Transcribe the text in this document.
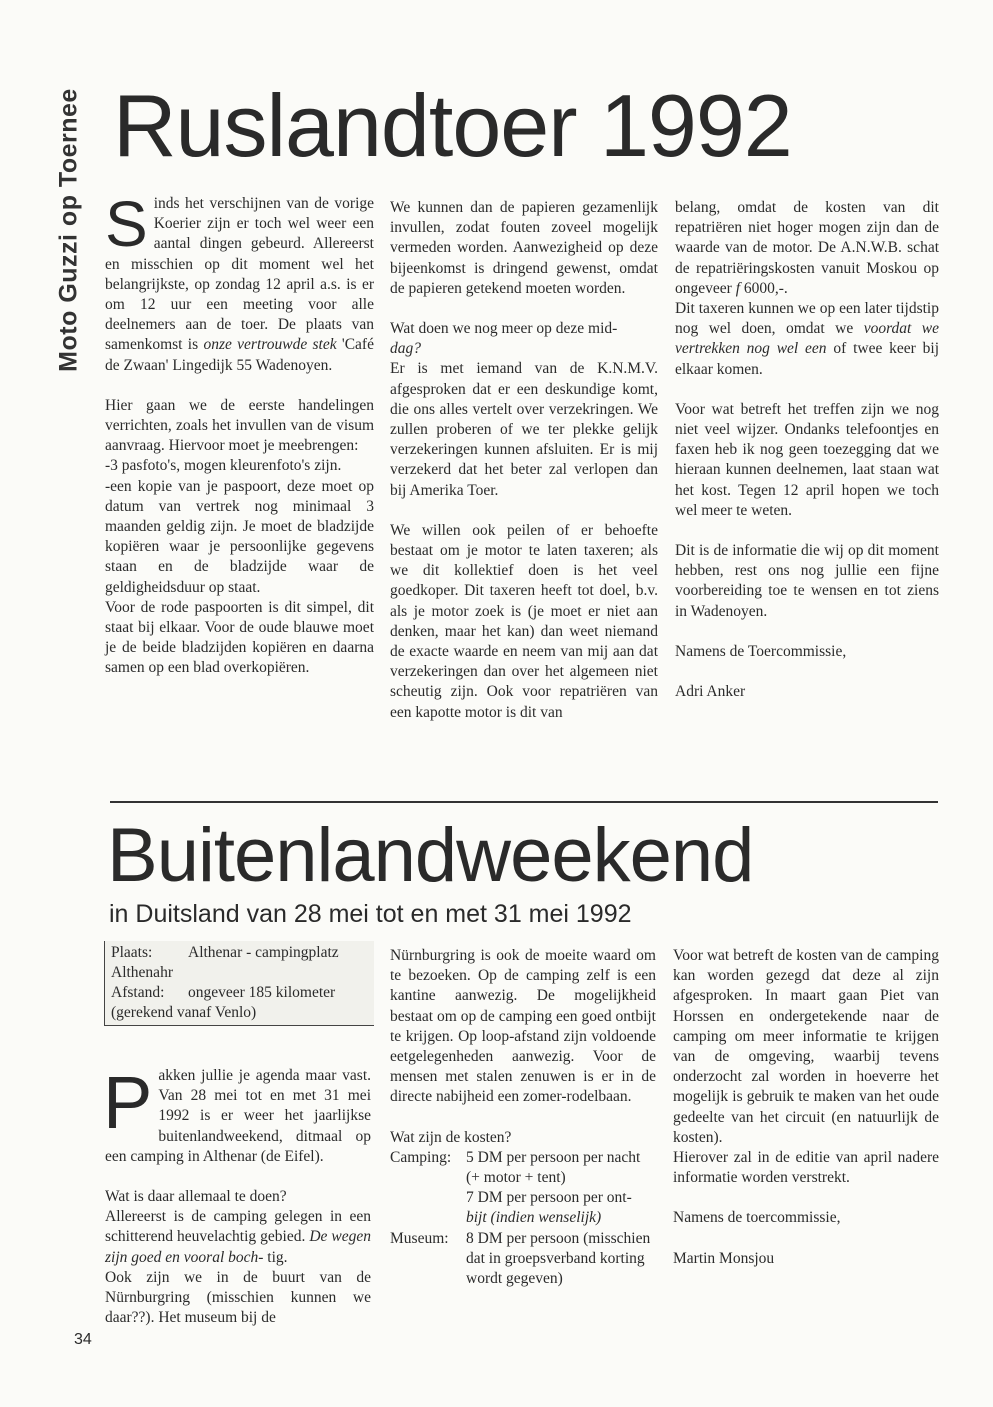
Moto Guzzi op Toernee Ruslandtoer 1992

Sinds het verschijnen van de vorige Koerier zijn er toch wel weer een aantal dingen gebeurd. Allereerst en misschien op dit moment wel het belangrijkste, op zondag 12 april a.s. is er om 12 uur een meeting voor alle deelnemers aan de toer. De plaats van samenkomst is onze vertrouwde stek 'Café de Zwaan' Lingedijk 55 Wadenoyen.

Hier gaan we de eerste handelingen verrichten, zoals het invullen van de visum aanvraag. Hiervoor moet je meebrengen:

-3 pasfoto's, mogen kleurenfoto's zijn.

-een kopie van je paspoort, deze moet op datum van vertrek nog minimaal 3 maanden geldig zijn. Je moet de bladzijde kopiëren waar je persoonlijke gegevens staan en de bladzijde waar de geldigheidsduur op staat.

Voor de rode paspoorten is dit simpel, dit staat bij elkaar. Voor de oude blauwe moet je de beide bladzijden kopiëren en daarna samen op een blad overkopiëren.

We kunnen dan de papieren gezamenlijk invullen, zodat fouten zoveel mogelijk vermeden worden. Aanwezigheid op deze bijeenkomst is dringend gewenst, omdat de papieren getekend moeten worden.

Wat doen we nog meer op deze mid-
dag?

Er is met iemand van de K.N.M.V. afgesproken dat er een deskundige komt, die ons alles vertelt over verzekringen. We zullen proberen of we ter plekke gelijk verzekeringen kunnen afsluiten. Er is mij verzekerd dat het beter zal verlopen dan bij Amerika Toer.

We willen ook peilen of er behoefte bestaat om je motor te laten taxeren; als we dit kollektief doen is het veel goedkoper. Dit taxeren heeft tot doel, b.v. als je motor zoek is (je moet er niet aan denken, maar het kan) dan weet niemand de exacte waarde en neem van mij aan dat verzekeringen dan over het algemeen niet scheutig zijn. Ook voor repatriëren van een kapotte motor is dit van

belang, omdat de kosten van dit repatriëren niet hoger mogen zijn dan de waarde van de motor. De A.N.W.B. schat de repatriëringskosten vanuit Moskou op ongeveer f 6000,-.

Dit taxeren kunnen we op een later tijdstip nog wel doen, omdat we voordat we vertrekken nog wel een of twee keer bij elkaar komen.

Voor wat betreft het treffen zijn we nog niet veel wijzer. Ondanks telefoontjes en faxen heb ik nog geen toezegging dat we hieraan kunnen deelnemen, laat staan wat het kost. Tegen 12 april hopen we toch wel meer te weten.

Dit is de informatie die wij op dit moment hebben, rest ons nog jullie een fijne voorbereiding toe te wensen en tot ziens in Wadenoyen.

Namens de Toercommissie,

Adri Anker

Buitenlandweekend
in Duitsland van 28 mei tot en met 31 mei 1992
Plaats:	Althenar - campingplatz
Althenahr
Afstand:	ongeveer 185 kilometer
(gerekend vanaf Venlo)

Pakken jullie je agenda maar vast. Van 28 mei tot en met 31 mei 1992 is er weer het jaarlijkse buitenlandweekend, ditmaal op een camping in Althenar (de Eifel).

Wat is daar allemaal te doen?

Allereerst is de camping gelegen in een schitterend heuvelachtig gebied. De wegen zijn goed en vooral boch- tig.

Ook zijn we in de buurt van de Nürnburgring (misschien kunnen we daar??). Het museum bij de

Nürnburgring is ook de moeite waard om te bezoeken. Op de camping zelf is een kantine aanwezig. De mogelijkheid bestaat om op de camping een goed ontbijt te krijgen. Op loop-afstand zijn voldoende eetgelegenheden aanwezig. Voor de mensen met stalen zenuwen is er in de directe nabijheid een zomer-rodelbaan.

Wat zijn de kosten?

Camping: 5 DM per persoon per nacht (+ motor + tent)
7 DM per persoon per ont- bijt (indien wenselijk)
Museum:	8 DM per persoon (misschien dat in groepsverband korting wordt gegeven)

Voor wat betreft de kosten van de camping kan worden gezegd dat deze al zijn afgesproken. In maart gaan Piet van Horssen en ondergetekende naar de camping om meer informatie te krijgen van de omgeving, waarbij tevens onderzocht zal worden in hoeverre het mogelijk is gebruik te maken van het oude gedeelte van het circuit (en natuurlijk de kosten).

Hierover zal in de editie van april nadere informatie worden verstrekt.

Namens de toercommissie,

Martin Monsjou

34
